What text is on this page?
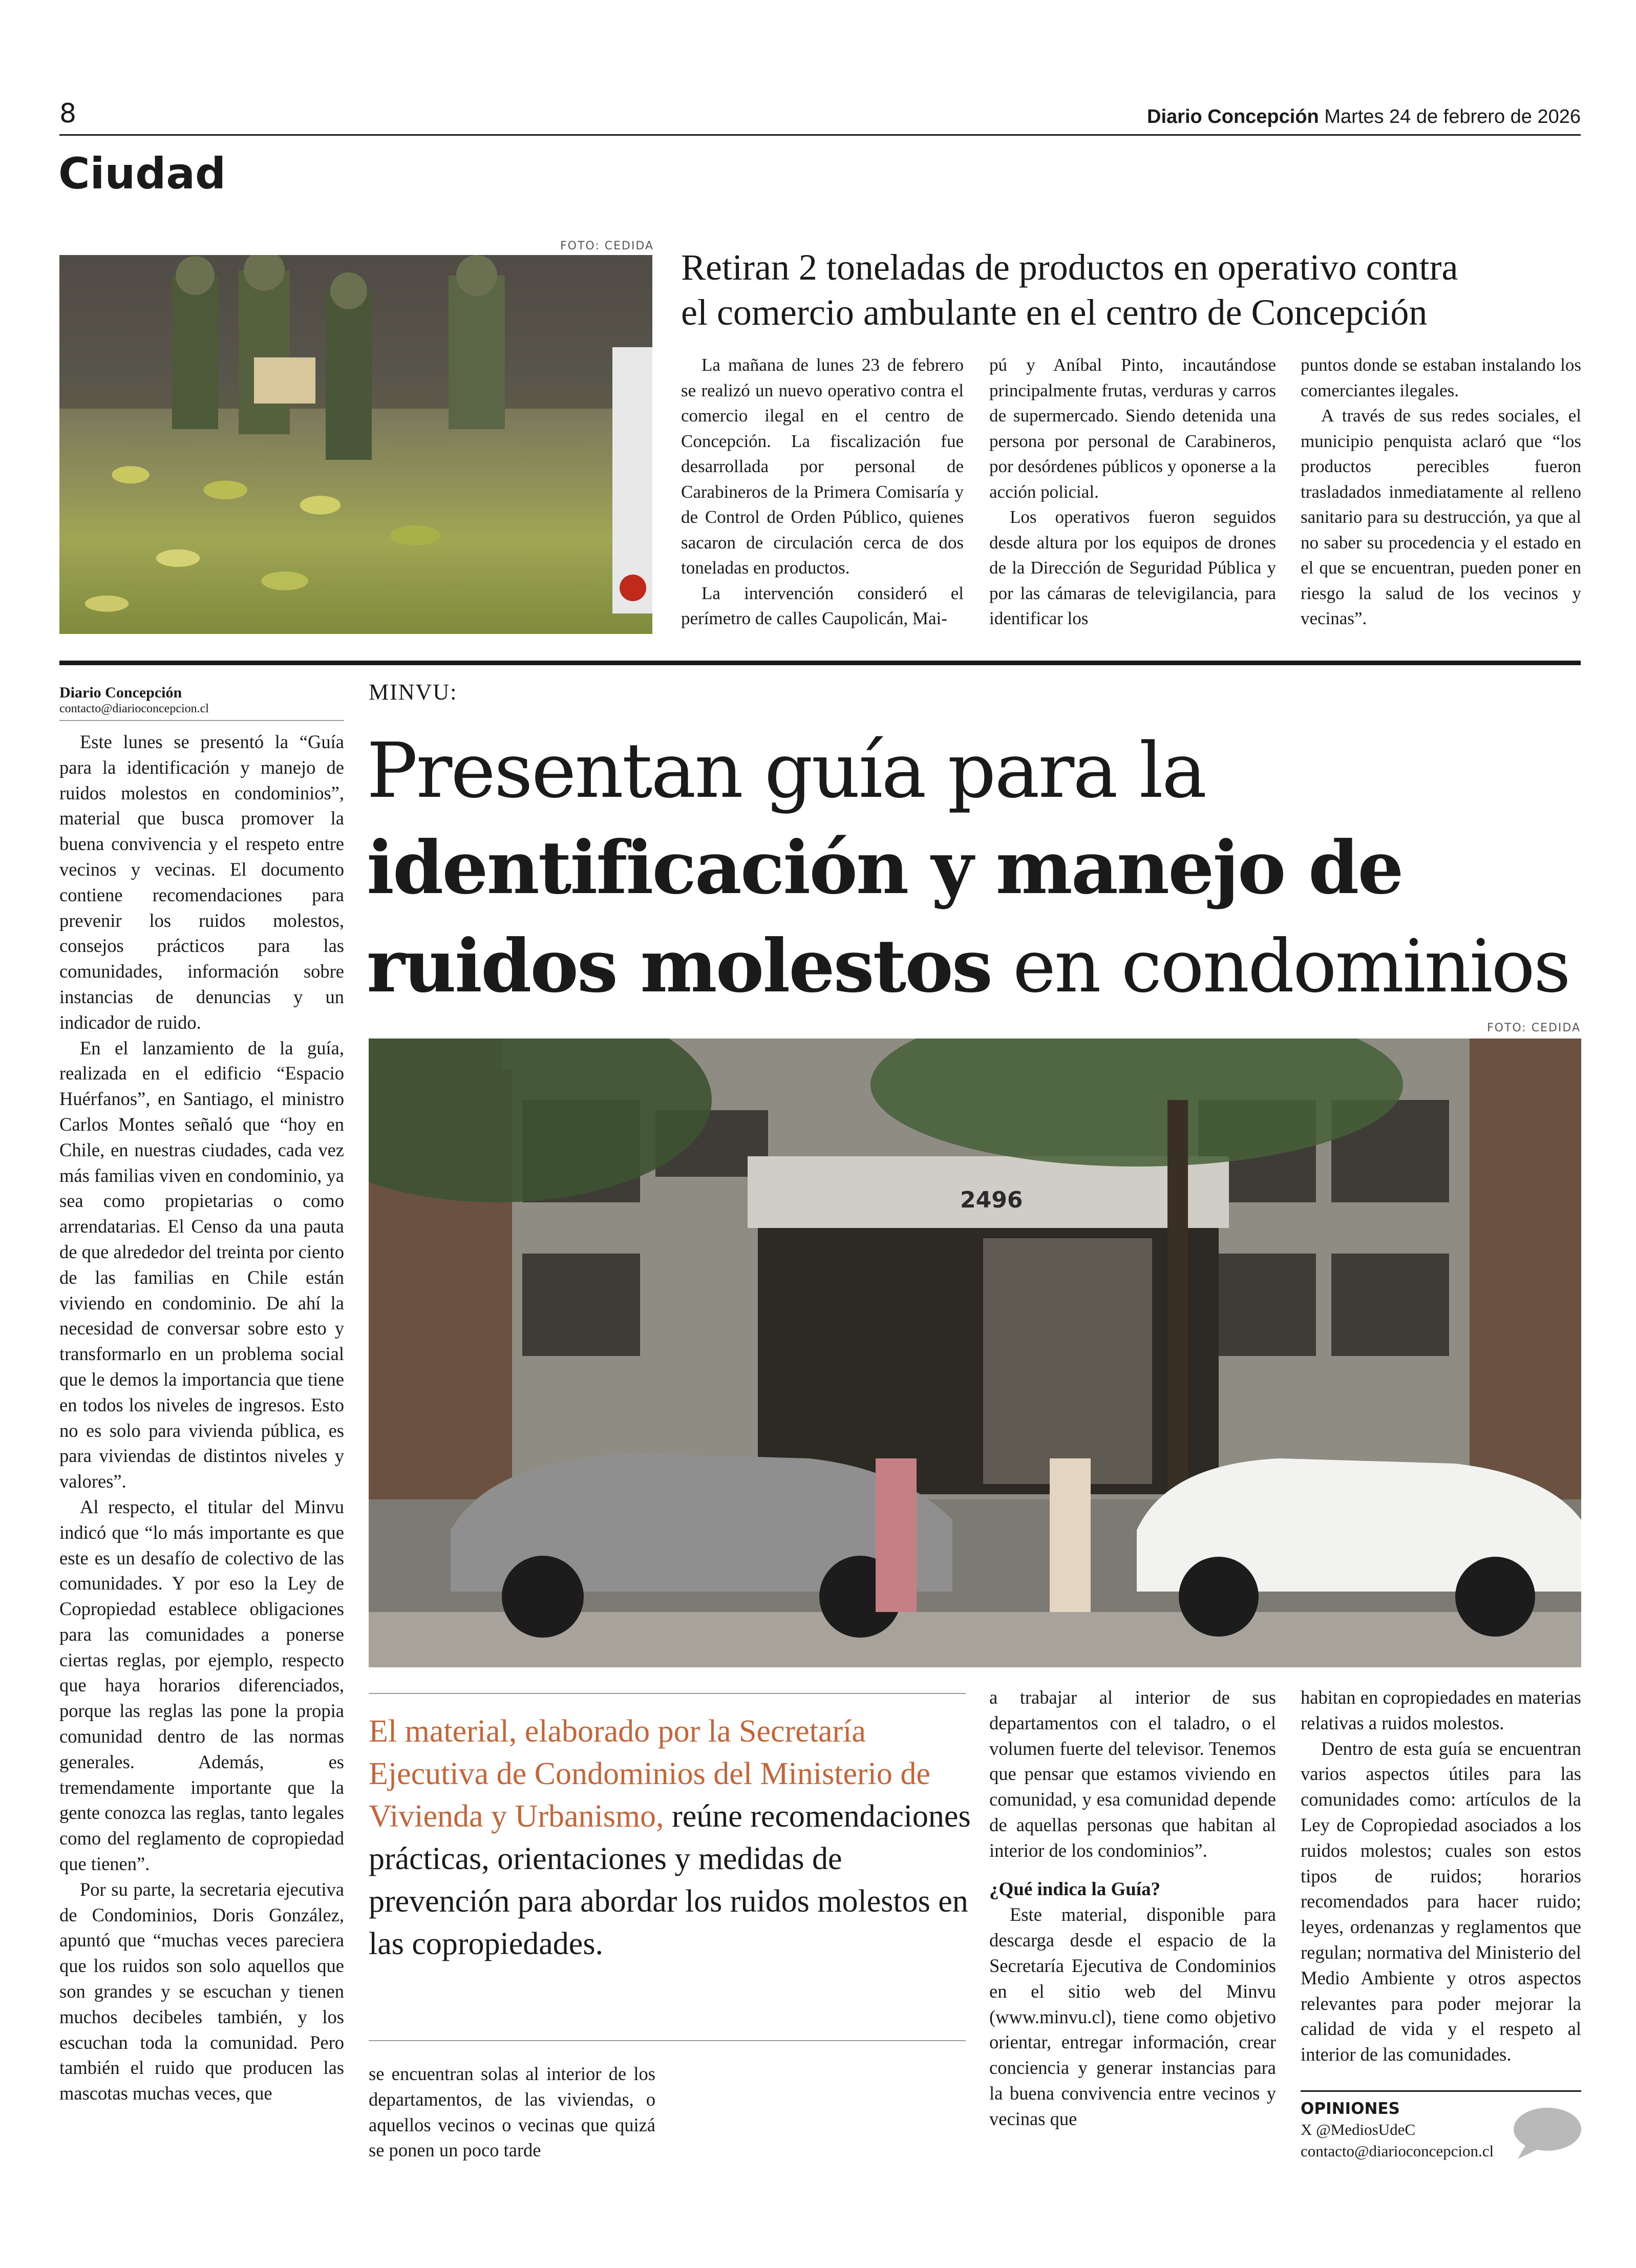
8	Diario Concepción Martes 24 de febrero de 2026
Ciudad
FOTO: CEDIDA
Retiran 2 toneladas de productos en operativo contra
el comercio ambulante en el centro de Concepción

La mañana de lunes 23 de febrero se realizó un nuevo operativo contra el comercio ilegal en el centro de Concepción. La fiscalización fue desarrollada por personal de Carabineros de la Primera Comisaría y de Control de Orden Público, quienes sacaron de circulación cerca de dos toneladas en productos.

La intervención consideró el perímetro de calles Caupolicán, Mai-

pú y Aníbal Pinto, incautándose principalmente frutas, verduras y carros de supermercado. Siendo detenida una persona por personal de Carabineros, por desórdenes públicos y oponerse a la acción policial.

Los operativos fueron seguidos desde altura por los equipos de drones de la Dirección de Seguridad Pública y por las cámaras de televigilancia, para identificar los

puntos donde se estaban instalando los comerciantes ilegales.

A través de sus redes sociales, el municipio penquista aclaró que “los productos perecibles fueron trasladados inmediatamente al relleno sanitario para su destrucción, ya que al no saber su procedencia y el estado en el que se encuentran, pueden poner en riesgo la salud de los vecinos y vecinas”.

Diario Concepción
contacto@diarioconcepcion.cl
MINVU:
Presentan guía para la
identificación y manejo de
ruidos molestos en condominios
FOTO: CEDIDA
2496

Este lunes se presentó la “Guía para la identificación y manejo de ruidos molestos en condominios”, material que busca promover la buena convivencia y el respeto entre vecinos y vecinas. El documento contiene recomendaciones para prevenir los ruidos molestos, consejos prácticos para las comunidades, información sobre instancias de denuncias y un indicador de ruido.

En el lanzamiento de la guía, realizada en el edificio “Espacio Huérfanos”, en Santiago, el ministro Carlos Montes señaló que “hoy en Chile, en nuestras ciudades, cada vez más familias viven en condominio, ya sea como propietarias o como arrendatarias. El Censo da una pauta de que alrededor del treinta por ciento de las familias en Chile están viviendo en condominio. De ahí la necesidad de conversar sobre esto y transformarlo en un problema social que le demos la importancia que tiene en todos los niveles de ingresos. Esto no es solo para vivienda pública, es para viviendas de distintos niveles y valores”.

Al respecto, el titular del Minvu indicó que “lo más importante es que este es un desafío de colectivo de las comunidades. Y por eso la Ley de Copropiedad establece obligaciones para las comunidades a ponerse ciertas reglas, por ejemplo, respecto que haya horarios diferenciados, porque las reglas las pone la propia comunidad dentro de las normas generales. Además, es tremendamente importante que la gente conozca las reglas, tanto legales como del reglamento de copropiedad que tienen”.

Por su parte, la secretaria ejecutiva de Condominios, Doris González, apuntó que “muchas veces pareciera que los ruidos son solo aquellos que son grandes y se escuchan y tienen muchos decibeles también, y los escuchan toda la comunidad. Pero también el ruido que producen las mascotas muchas veces, que

El material, elaborado por la Secretaría Ejecutiva de Condominios del Ministerio de Vivienda y Urbanismo, reúne recomendaciones prácticas, orientaciones y medidas de prevención para abordar los ruidos molestos en las copropiedades.

se encuentran solas al interior de los departamentos, de las viviendas, o aquellos vecinos o vecinas que quizá se ponen un poco tarde

a trabajar al interior de sus departamentos con el taladro, o el volumen fuerte del televisor. Tenemos que pensar que estamos viviendo en comunidad, y esa comunidad depende de aquellas personas que habitan al interior de los condominios”.

¿Qué indica la Guía?

Este material, disponible para descarga desde el espacio de la Secretaría Ejecutiva de Condominios en el sitio web del Minvu (www.minvu.cl), tiene como objetivo orientar, entregar información, crear conciencia y generar instancias para la buena convivencia entre vecinos y vecinas que

habitan en copropiedades en materias relativas a ruidos molestos.

Dentro de esta guía se encuentran varios aspectos útiles para las comunidades como: artículos de la Ley de Copropiedad asociados a los ruidos molestos; cuales son estos tipos de ruidos; horarios recomendados para hacer ruido; leyes, ordenanzas y reglamentos que regulan; normativa del Ministerio del Medio Ambiente y otros aspectos relevantes para poder mejorar la calidad de vida y el respeto al interior de las comunidades.

OPINIONES
X @MediosUdeC
contacto@diarioconcepcion.cl
